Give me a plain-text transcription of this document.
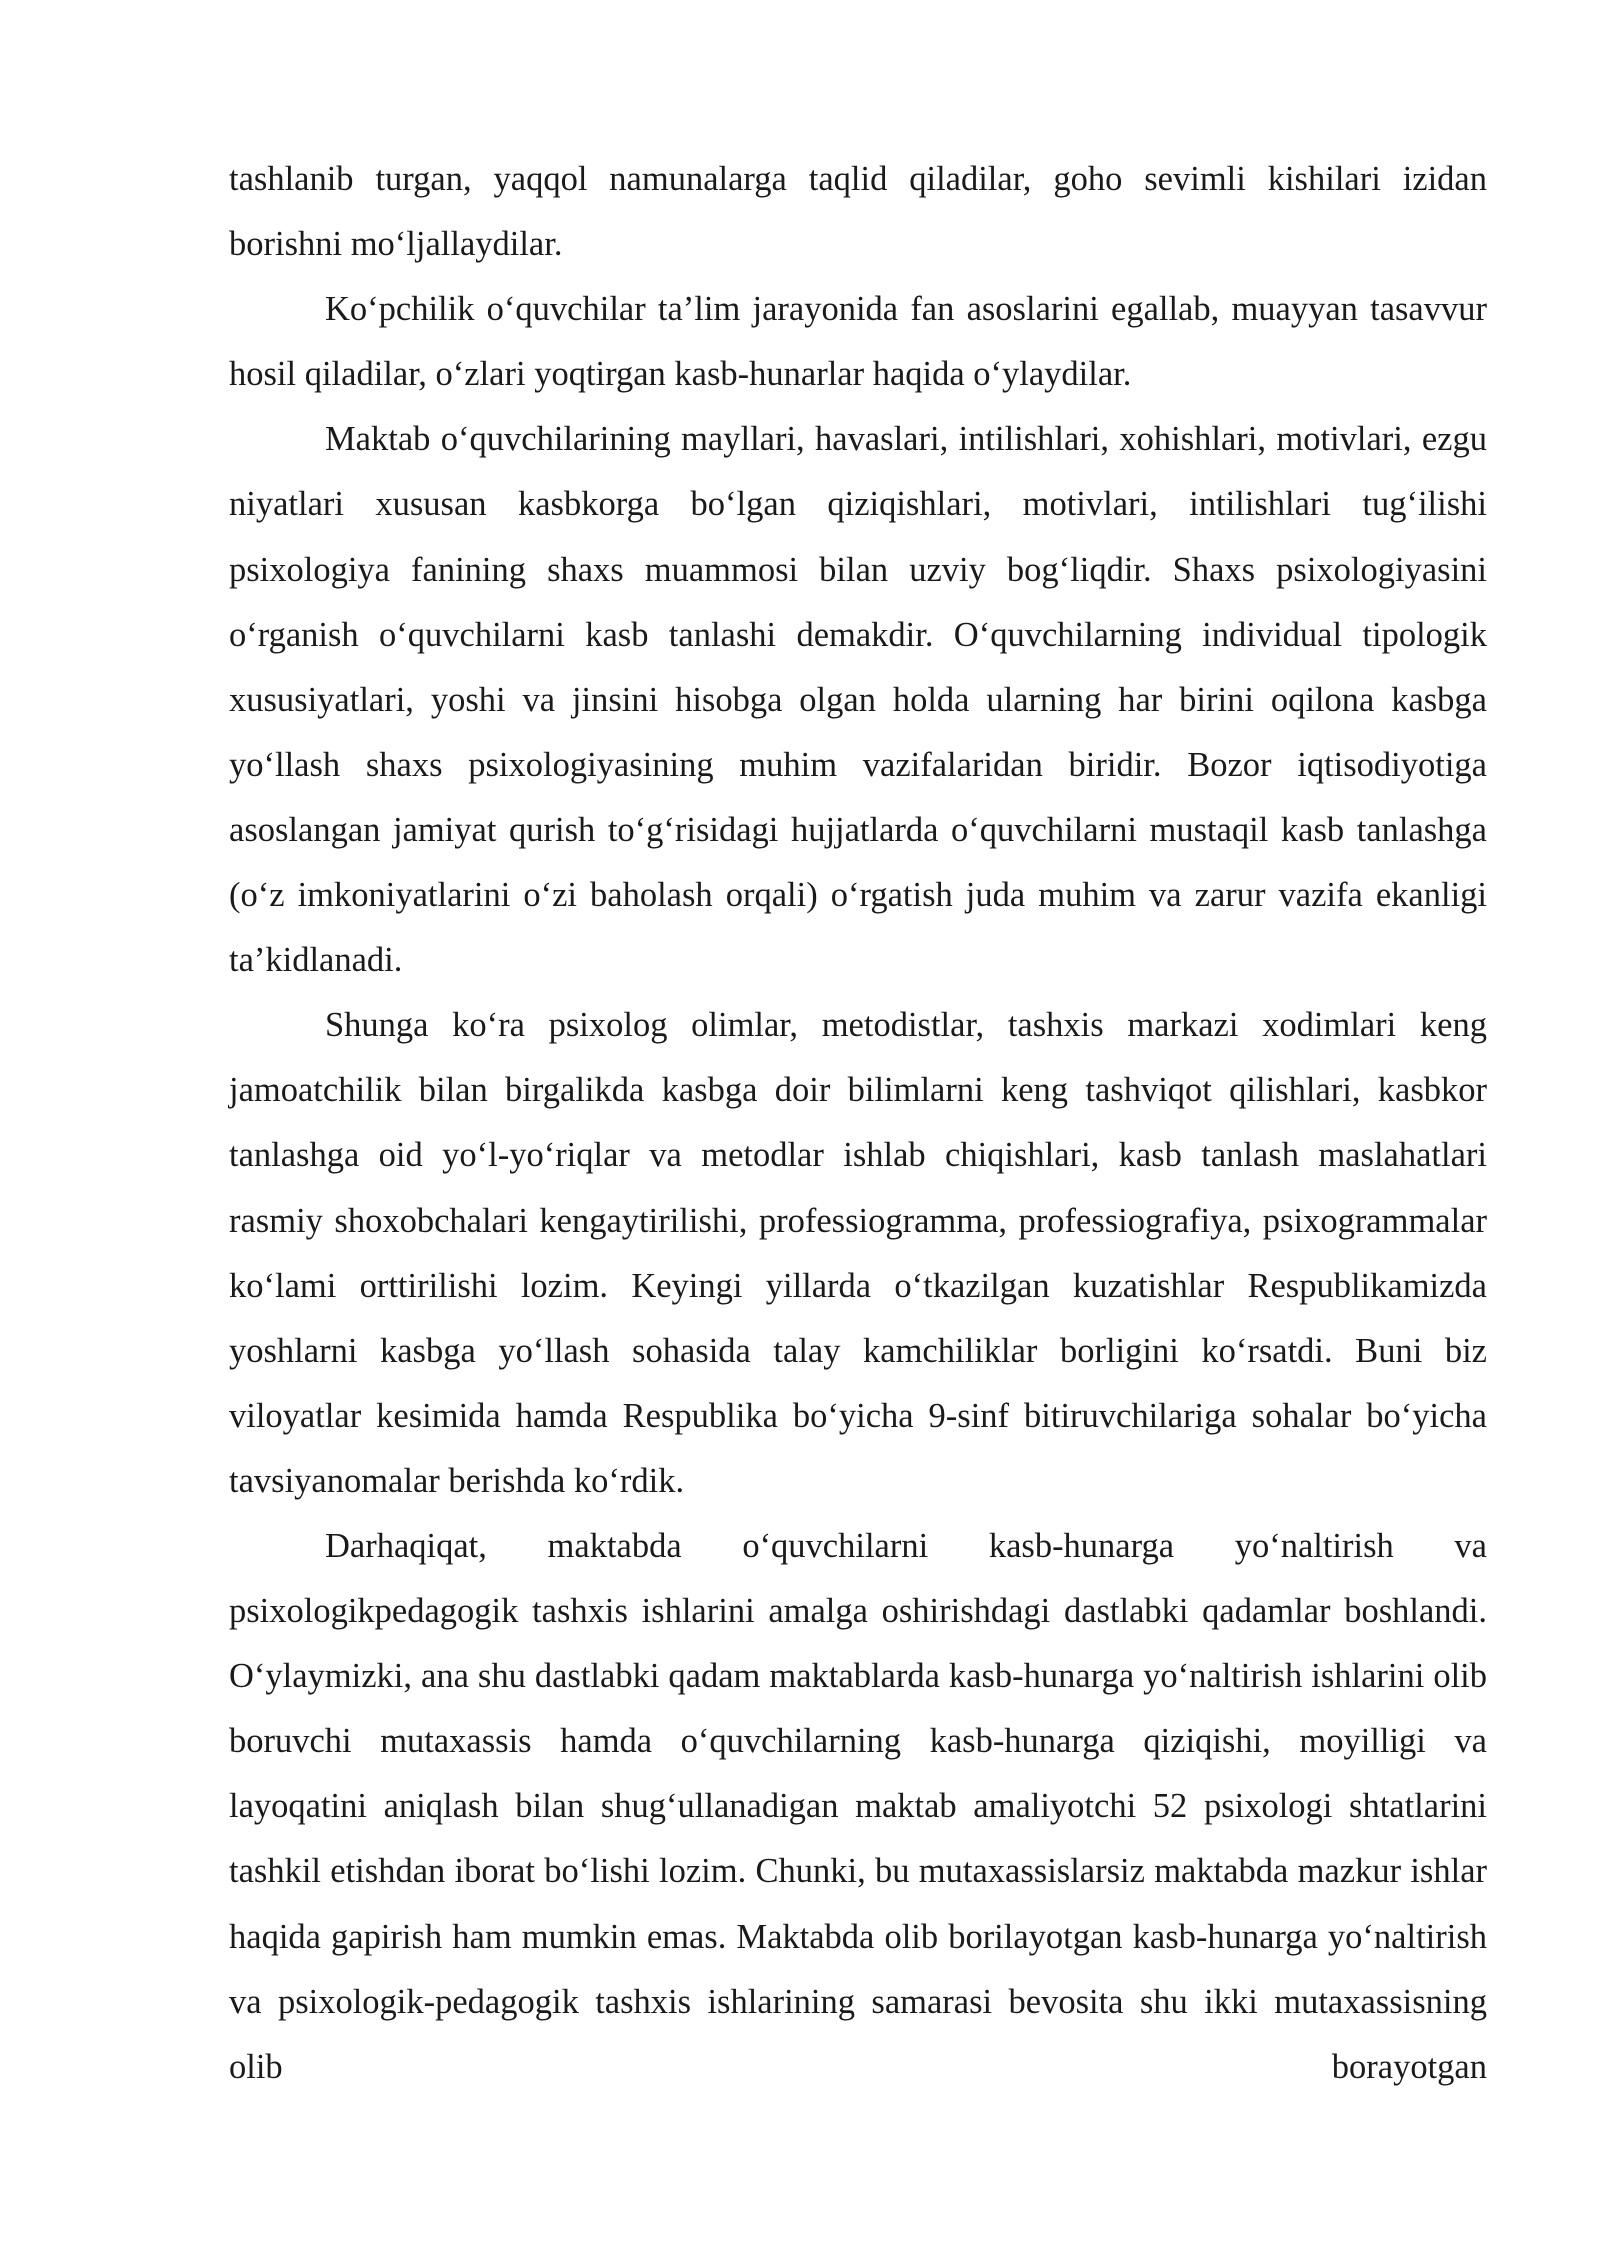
tashlanib turgan, yaqqol namunalarga taqlid qiladilar, goho sevimli kishilari izidan borishni mo‘ljallaydilar.

Ko‘pchilik o‘quvchilar ta’lim jarayonida fan asoslarini egallab, muayyan tasavvur hosil qiladilar, o‘zlari yoqtirgan kasb-hunarlar haqida o‘ylaydilar.

Maktab o‘quvchilarining mayllari, havaslari, intilishlari, xohishlari, motivlari, ezgu niyatlari xususan kasbkorga bo‘lgan qiziqishlari, motivlari, intilishlari tug‘ilishi psixologiya fanining shaxs muammosi bilan uzviy bog‘liqdir. Shaxs psixologiyasini o‘rganish o‘quvchilarni kasb tanlashi demakdir. O‘quvchilarning individual tipologik xususiyatlari, yoshi va jinsini hisobga olgan holda ularning har birini oqilona kasbga yo‘llash shaxs psixologiyasining muhim vazifalaridan biridir. Bozor iqtisodiyotiga asoslangan jamiyat qurish to‘g‘risidagi hujjatlarda o‘quvchilarni mustaqil kasb tanlashga (o‘z imkoniyatlarini o‘zi baholash orqali) o‘rgatish juda muhim va zarur vazifa ekanligi ta’kidlanadi.

Shunga ko‘ra psixolog olimlar, metodistlar, tashxis markazi xodimlari keng jamoatchilik bilan birgalikda kasbga doir bilimlarni keng tashviqot qilishlari, kasbkor tanlashga oid yo‘l-yo‘riqlar va metodlar ishlab chiqishlari, kasb tanlash maslahatlari rasmiy shoxobchalari kengaytirilishi, professiogramma, professiografiya, psixogrammalar ko‘lami orttirilishi lozim. Keyingi yillarda o‘tkazilgan kuzatishlar Respublikamizda yoshlarni kasbga yo‘llash sohasida talay kamchiliklar borligini ko‘rsatdi. Buni biz viloyatlar kesimida hamda Respublika bo‘yicha 9-sinf bitiruvchilariga sohalar bo‘yicha tavsiyanomalar berishda ko‘rdik.

Darhaqiqat, maktabda o‘quvchilarni kasb-hunarga yo‘naltirish va psixologikpedagogik tashxis ishlarini amalga oshirishdagi dastlabki qadamlar boshlandi. O‘ylaymizki, ana shu dastlabki qadam maktablarda kasb-hunarga yo‘naltirish ishlarini olib boruvchi mutaxassis hamda o‘quvchilarning kasb-hunarga qiziqishi, moyilligi va layoqatini aniqlash bilan shug‘ullanadigan maktab amaliyotchi 52 psixologi shtatlarini tashkil etishdan iborat bo‘lishi lozim. Chunki, bu mutaxassislarsiz maktabda mazkur ishlar haqida gapirish ham mumkin emas. Maktabda olib borilayotgan kasb-hunarga yo‘naltirish va psixologik-pedagogik tashxis ishlarining samarasi bevosita shu ikki mutaxassisning olib borayotgan
